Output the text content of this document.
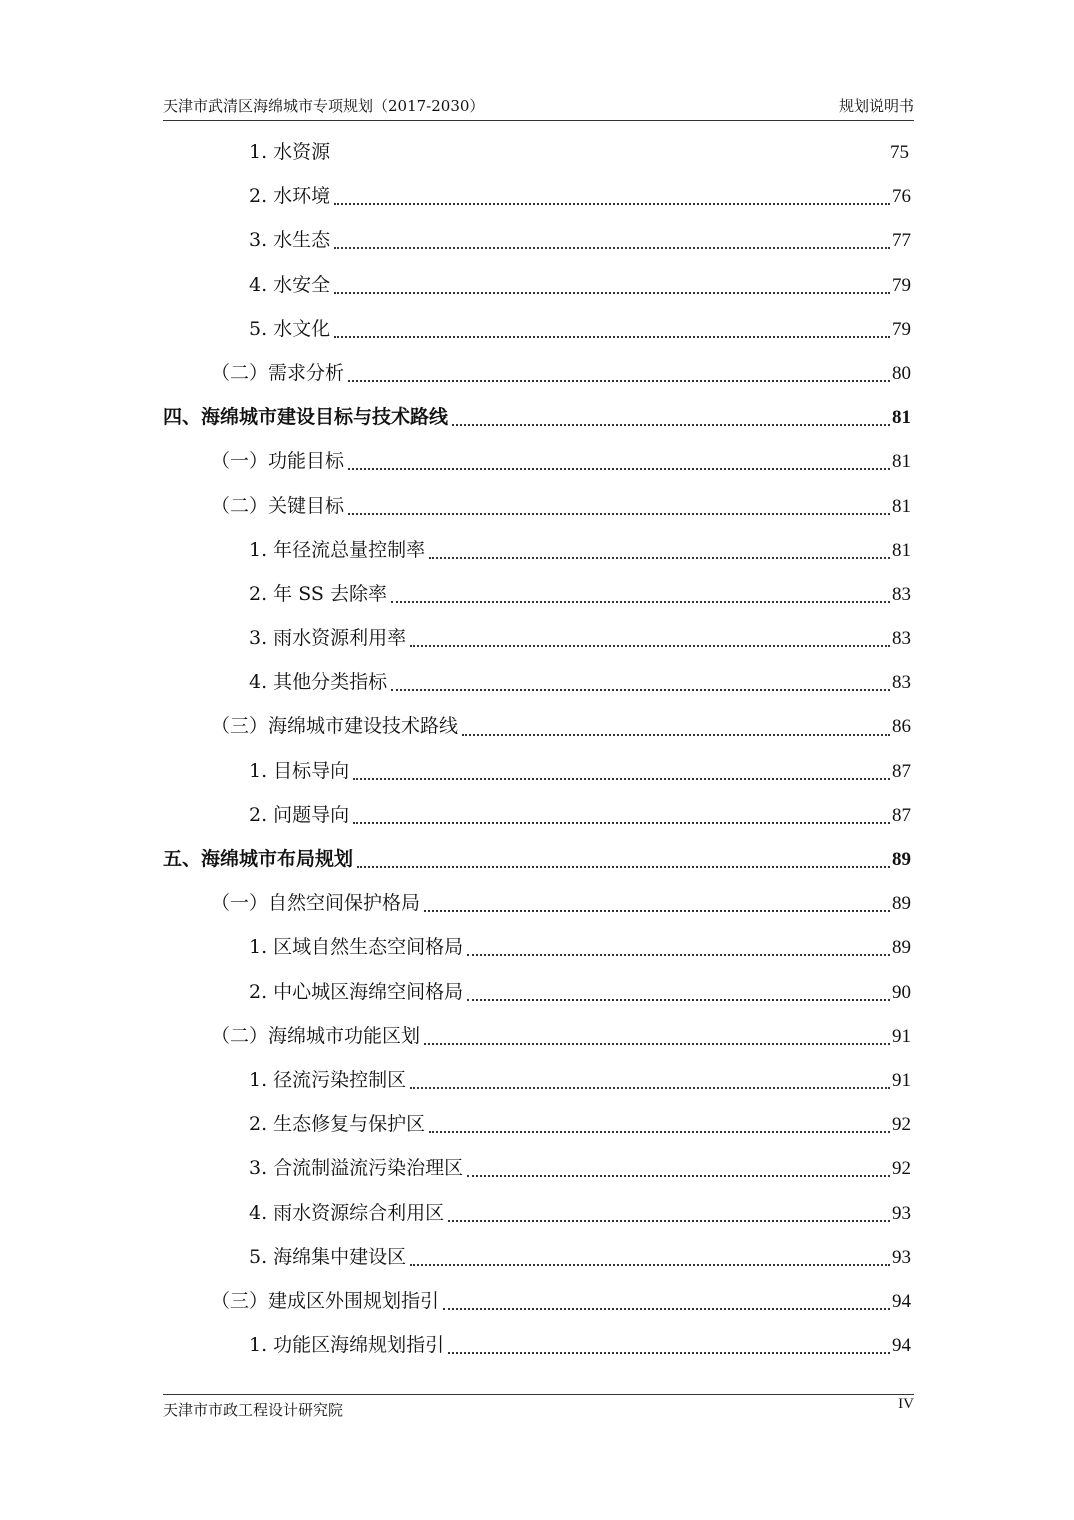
天津市武清区海绵城市专项规划（2017-2030）	规划说明书
1. 水资源	75
2. 水环境	76
3. 水生态	77
4. 水安全	79
5. 水文化	79
（二）需求分析	80
四、海绵城市建设目标与技术路线	81
（一）功能目标	81
（二）关键目标	81
1. 年径流总量控制率	81
2. 年 SS 去除率	83
3. 雨水资源利用率	83
4. 其他分类指标	83
（三）海绵城市建设技术路线	86
1. 目标导向	87
2. 问题导向	87
五、海绵城市布局规划	89
（一）自然空间保护格局	89
1. 区域自然生态空间格局	89
2. 中心城区海绵空间格局	90
（二）海绵城市功能区划	91
1. 径流污染控制区	91
2. 生态修复与保护区	92
3. 合流制溢流污染治理区	92
4. 雨水资源综合利用区	93
5. 海绵集中建设区	93
（三）建成区外围规划指引	94
1. 功能区海绵规划指引	94
天津市市政工程设计研究院	IV
